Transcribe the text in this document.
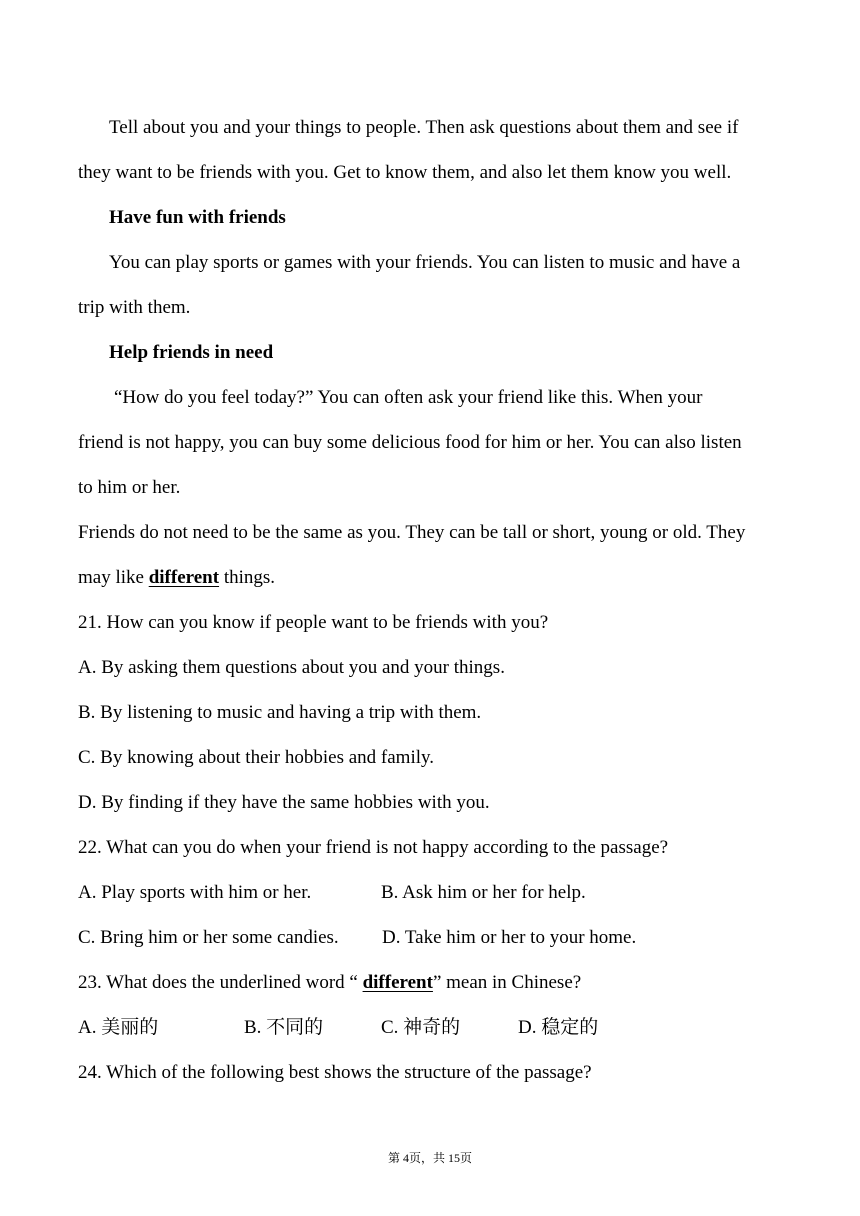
Tell about you and your things to people. Then ask questions about them and see if
they want to be friends with you. Get to know them, and also let them know you well.
Have fun with friends
You can play sports or games with your friends. You can listen to music and have a
trip with them.
Help friends in need
“How do you feel today?” You can often ask your friend like this. When your
friend is not happy, you can buy some delicious food for him or her. You can also listen
to him or her.
Friends do not need to be the same as you. They can be tall or short, young or old. They
may like different things.
21. How can you know if people want to be friends with you?
A. By asking them questions about you and your things.
B. By listening to music and having a trip with them.
C. By knowing about their hobbies and family.
D. By finding if they have the same hobbies with you.
22. What can you do when your friend is not happy according to the passage?
A. Play sports with him or her.	B. Ask him or her for help.
C. Bring him or her some candies. D. Take him or her to your home.
23. What does the underlined word “ different” mean in Chinese?
A. 美丽的	B. 不同的	C. 神奇的	D. 稳定的
24. Which of the following best shows the structure of the passage?
第 4页，共 15页
